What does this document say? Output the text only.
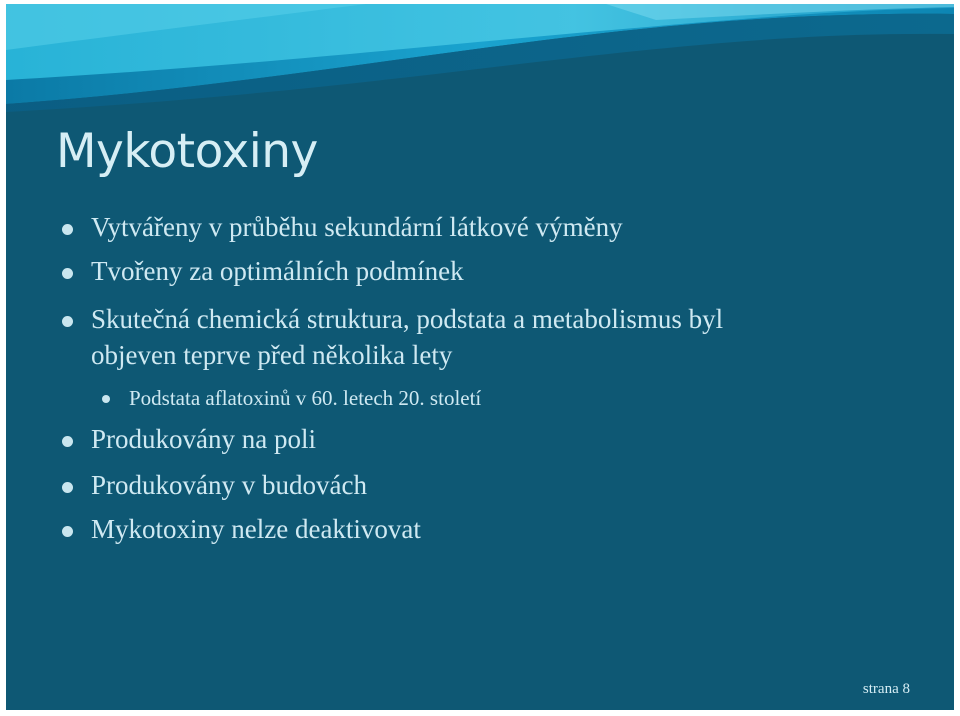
Mykotoxiny
Vytvářeny v průběhu sekundární látkové výměny
Tvořeny za optimálních podmínek
Skutečná chemická struktura, podstata a metabolismus byl
objeven teprve před několika lety
Podstata aflatoxinů v 60. letech 20. století
Produkovány na poli
Produkovány v budovách
Mykotoxiny nelze deaktivovat
strana 8
